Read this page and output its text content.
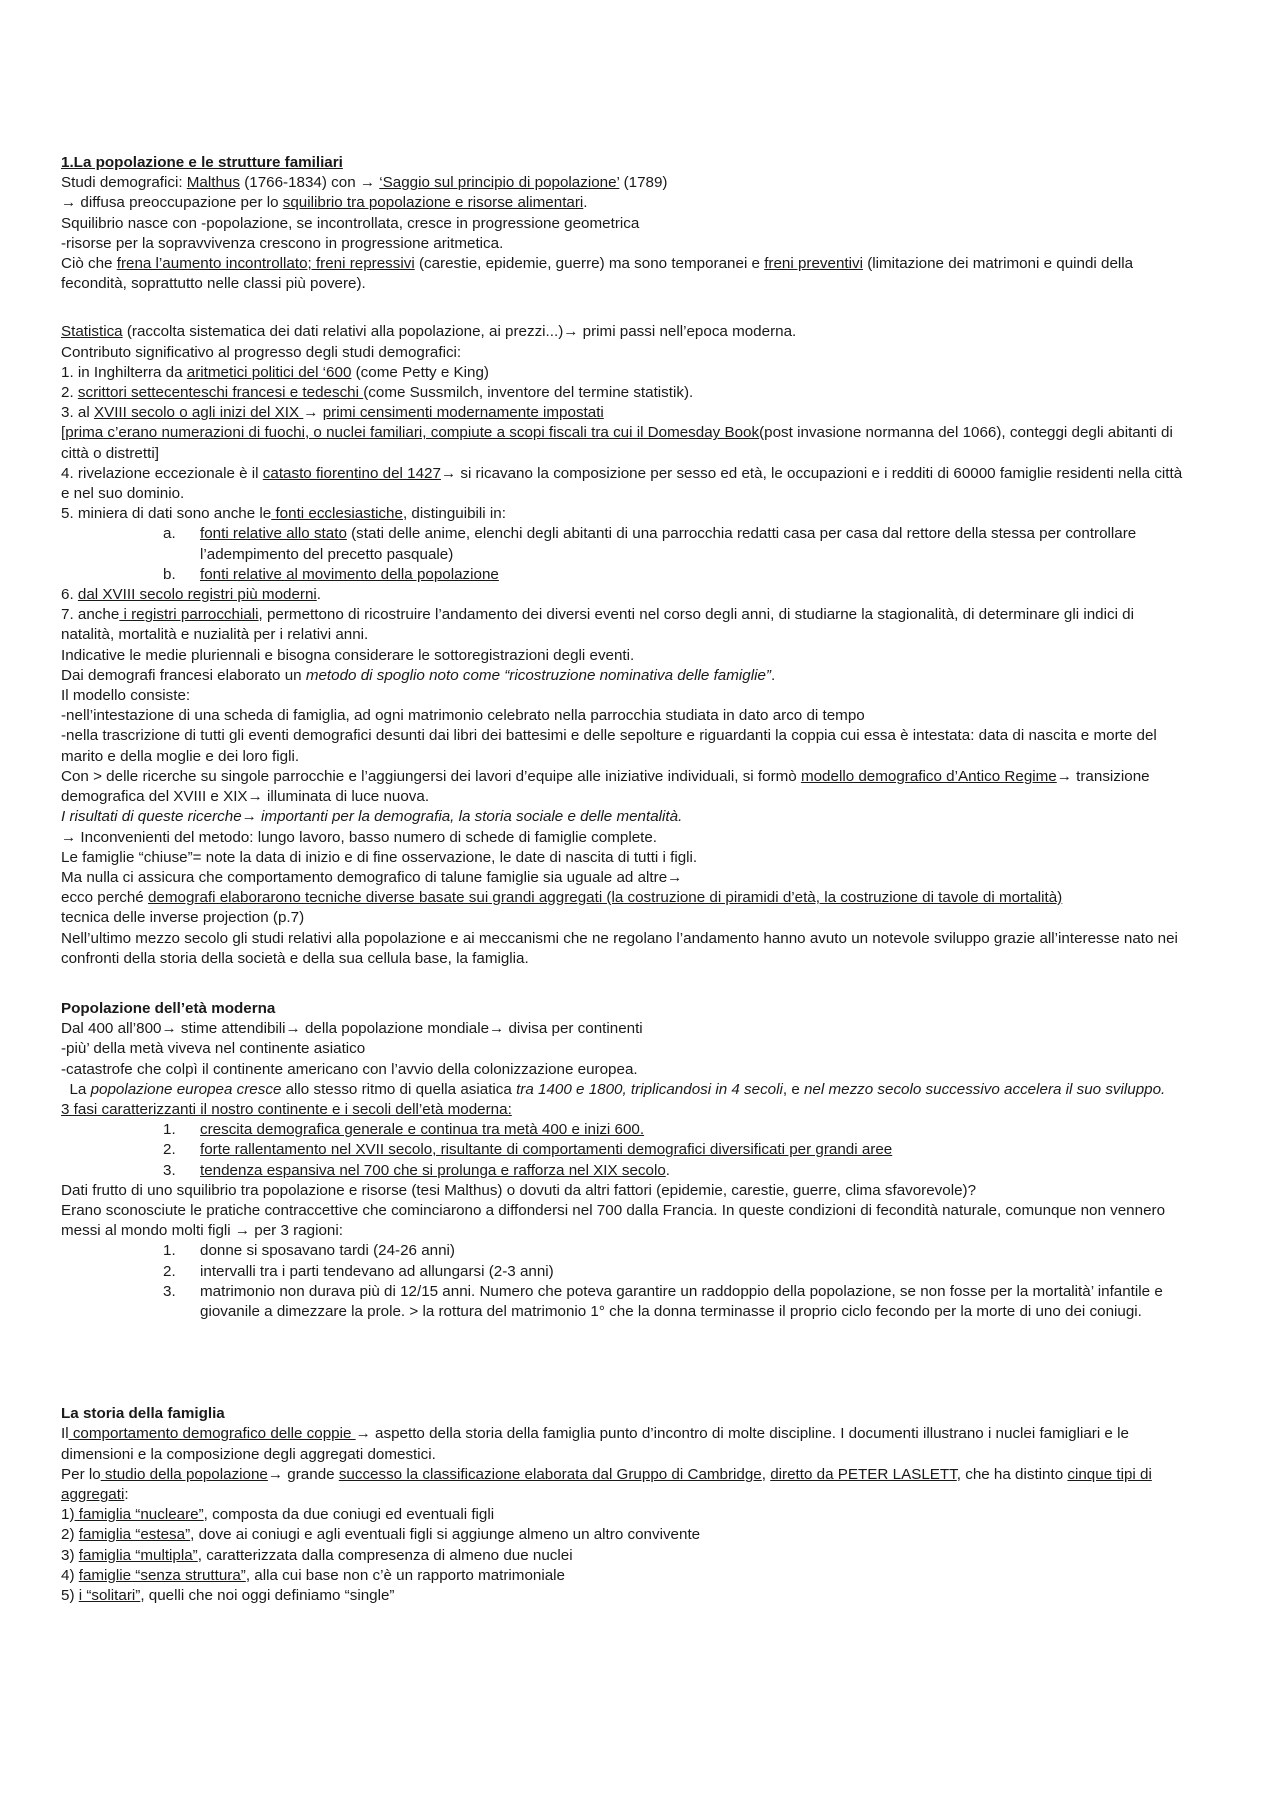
1.La popolazione e le strutture familiari

Studi demografici: Malthus (1766-1834) con → ‘Saggio sul principio di popolazione’ (1789)

→ diffusa preoccupazione per lo squilibrio tra popolazione e risorse alimentari.

Squilibrio nasce con -popolazione, se incontrollata, cresce in progressione geometrica

-risorse per la sopravvivenza crescono in progressione aritmetica.

Ciò che frena l’aumento incontrollato; freni repressivi (carestie, epidemie, guerre) ma sono temporanei e freni preventivi (limitazione dei matrimoni e quindi della fecondità, soprattutto nelle classi più povere).

Statistica (raccolta sistematica dei dati relativi alla popolazione, ai prezzi...)→ primi passi nell’epoca moderna.

Contributo significativo al progresso degli studi demografici:

1. in Inghilterra da aritmetici politici del ‘600 (come Petty e King)

2. scrittori settecenteschi francesi e tedeschi (come Sussmilch, inventore del termine statistik).

3. al XVIII secolo o agli inizi del XIX → primi censimenti modernamente impostati

[prima c’erano numerazioni di fuochi, o nuclei familiari, compiute a scopi fiscali tra cui il Domesday Book(post invasione normanna del 1066), conteggi degli abitanti di città o distretti]

4. rivelazione eccezionale è il catasto fiorentino del 1427→ si ricavano la composizione per sesso ed età, le occupazioni e i redditi di 60000 famiglie residenti nella città e nel suo dominio.

5. miniera di dati sono anche le fonti ecclesiastiche, distinguibili in:

a. fonti relative allo stato (stati delle anime, elenchi degli abitanti di una parrocchia redatti casa per casa dal rettore della stessa per controllare l’adempimento del precetto pasquale)

b. fonti relative al movimento della popolazione

6. dal XVIII secolo registri più moderni.

7. anche i registri parrocchiali, permettono di ricostruire l’andamento dei diversi eventi nel corso degli anni, di studiarne la stagionalità, di determinare gli indici di natalità, mortalità e nuzialità per i relativi anni.

Indicative le medie pluriennali e bisogna considerare le sottoregistrazioni degli eventi.

Dai demografi francesi elaborato un metodo di spoglio noto come “ricostruzione nominativa delle famiglie”.

Il modello consiste:

-nell’intestazione di una scheda di famiglia, ad ogni matrimonio celebrato nella parrocchia studiata in dato arco di tempo

-nella trascrizione di tutti gli eventi demografici desunti dai libri dei battesimi e delle sepolture e riguardanti la coppia cui essa è intestata: data di nascita e morte del marito e della moglie e dei loro figli.

Con > delle ricerche su singole parrocchie e l’aggiungersi dei lavori d’equipe alle iniziative individuali, si formò modello demografico d’Antico Regime→ transizione demografica del XVIII e XIX→ illuminata di luce nuova.

I risultati di queste ricerche→ importanti per la demografia, la storia sociale e delle mentalità.

→ Inconvenienti del metodo: lungo lavoro, basso numero di schede di famiglie complete.

Le famiglie “chiuse”= note la data di inizio e di fine osservazione, le date di nascita di tutti i figli.

Ma nulla ci assicura che comportamento demografico di talune famiglie sia uguale ad altre→

ecco perché demografi elaborarono tecniche diverse basate sui grandi aggregati (la costruzione di piramidi d’età, la costruzione di tavole di mortalità)

tecnica delle inverse projection (p.7)

Nell’ultimo mezzo secolo gli studi relativi alla popolazione e ai meccanismi che ne regolano l’andamento hanno avuto un notevole sviluppo grazie all’interesse nato nei confronti della storia della società e della sua cellula base, la famiglia.

Popolazione dell’età moderna

Dal 400 all’800→ stime attendibili→ della popolazione mondiale→ divisa per continenti

-più’ della metà viveva nel continente asiatico

-catastrofe che colpì il continente americano con l’avvio della colonizzazione europea.

La popolazione europea cresce allo stesso ritmo di quella asiatica tra 1400 e 1800, triplicandosi in 4 secoli, e nel mezzo secolo successivo accelera il suo sviluppo.

3 fasi caratterizzanti il nostro continente e i secoli dell’età moderna:

1. crescita demografica generale e continua tra metà 400 e inizi 600.

2. forte rallentamento nel XVII secolo, risultante di comportamenti demografici diversificati per grandi aree

3. tendenza espansiva nel 700 che si prolunga e rafforza nel XIX secolo.

Dati frutto di uno squilibrio tra popolazione e risorse (tesi Malthus) o dovuti da altri fattori (epidemie, carestie, guerre, clima sfavorevole)?

Erano sconosciute le pratiche contraccettive che cominciarono a diffondersi nel 700 dalla Francia. In queste condizioni di fecondità naturale, comunque non vennero messi al mondo molti figli → per 3 ragioni:

1. donne si sposavano tardi (24-26 anni)

2. intervalli tra i parti tendevano ad allungarsi (2-3 anni)

3. matrimonio non durava più di 12/15 anni. Numero che poteva garantire un raddoppio della popolazione, se non fosse per la mortalità’ infantile e giovanile a dimezzare la prole. > la rottura del matrimonio 1° che la donna terminasse il proprio ciclo fecondo per la morte di uno dei coniugi.

La storia della famiglia

Il comportamento demografico delle coppie → aspetto della storia della famiglia punto d’incontro di molte discipline. I documenti illustrano i nuclei famigliari e le dimensioni e la composizione degli aggregati domestici.

Per lo studio della popolazione→ grande successo la classificazione elaborata dal Gruppo di Cambridge, diretto da PETER LASLETT, che ha distinto cinque tipi di aggregati:

1) famiglia “nucleare”, composta da due coniugi ed eventuali figli

2) famiglia “estesa”, dove ai coniugi e agli eventuali figli si aggiunge almeno un altro convivente

3) famiglia “multipla”, caratterizzata dalla compresenza di almeno due nuclei

4) famiglie “senza struttura”, alla cui base non c’è un rapporto matrimoniale

5) i “solitari”, quelli che noi oggi definiamo “single”
